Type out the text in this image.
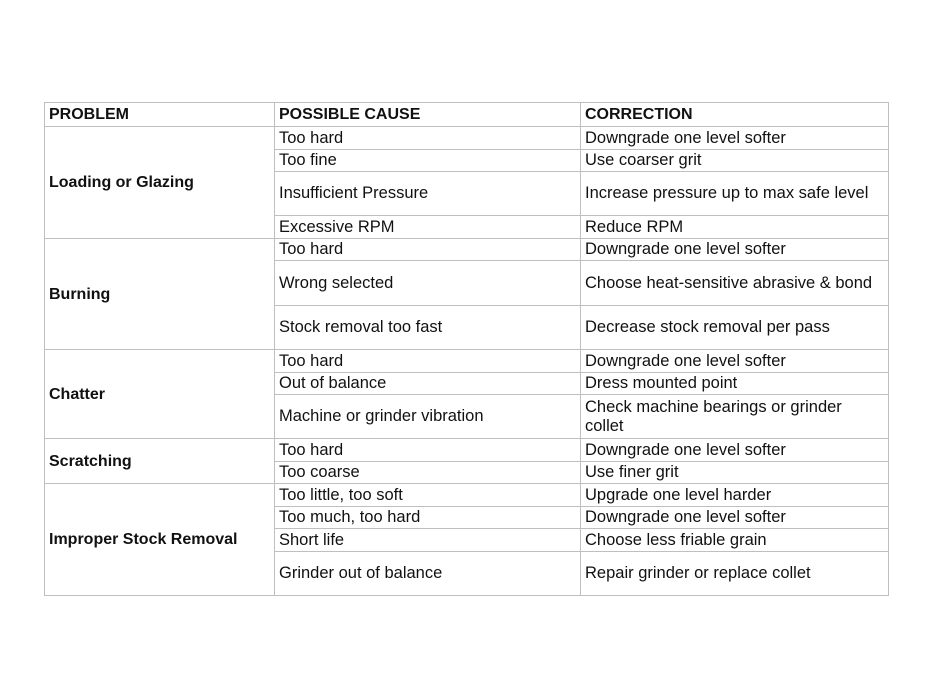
PROBLEM	POSSIBLE CAUSE	CORRECTION
Loading or Glazing	Too hard	Downgrade one level softer
	Too fine	Use coarser grit
	Insufficient Pressure	Increase pressure up to max safe level
	Excessive RPM	Reduce RPM
Burning	Too hard	Downgrade one level softer
	Wrong selected	Choose heat-sensitive abrasive & bond
	Stock removal too fast	Decrease stock removal per pass
Chatter	Too hard	Downgrade one level softer
	Out of balance	Dress mounted point
	Machine or grinder vibration	Check machine bearings or grinder collet
Scratching	Too hard	Downgrade one level softer
	Too coarse	Use finer grit
Improper Stock Removal	Too little, too soft	Upgrade one level harder
	Too much, too hard	Downgrade one level softer
	Short life	Choose less friable grain
	Grinder out of balance	Repair grinder or replace collet
